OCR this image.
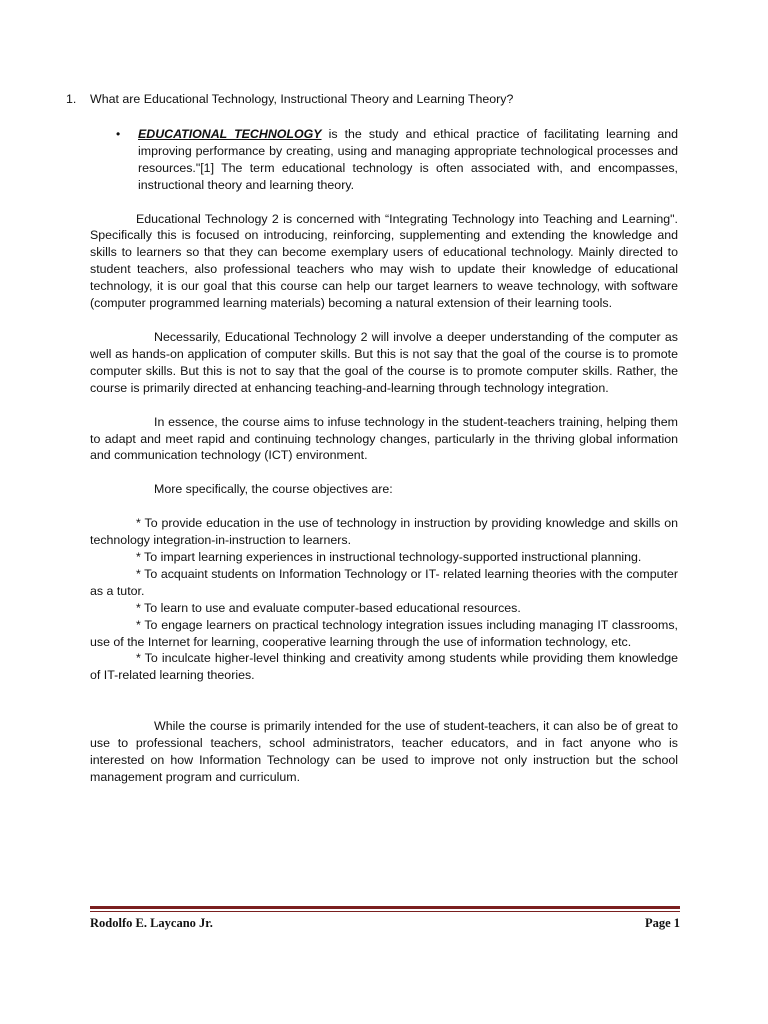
1.	What are Educational Technology, Instructional Theory and Learning Theory?
•	EDUCATIONAL TECHNOLOGY is the study and ethical practice of facilitating learning and improving performance by creating, using and managing appropriate technological processes and resources."[1] The term educational technology is often associated with, and encompasses, instructional theory and learning theory.

Educational Technology 2 is concerned with “Integrating Technology into Teaching and Learning". Specifically this is focused on introducing, reinforcing, supplementing and extending the knowledge and skills to learners so that they can become exemplary users of educational technology. Mainly directed to student teachers, also professional teachers who may wish to update their knowledge of educational technology, it is our goal that this course can help our target learners to weave technology, with software (computer programmed learning materials) becoming a natural extension of their learning tools.

Necessarily, Educational Technology 2 will involve a deeper understanding of the computer as well as hands-on application of computer skills. But this is not say that the goal of the course is to promote computer skills. But this is not to say that the goal of the course is to promote computer skills. Rather, the course is primarily directed at enhancing teaching-and-learning through technology integration.

In essence, the course aims to infuse technology in the student-teachers training, helping them to adapt and meet rapid and continuing technology changes, particularly in the thriving global information and communication technology (ICT) environment.

More specifically, the course objectives are:

* To provide education in the use of technology in instruction by providing knowledge and skills on technology integration-in-instruction to learners.
* To impart learning experiences in instructional technology-supported instructional planning.
* To acquaint students on Information Technology or IT- related learning theories with the computer as a tutor.
* To learn to use and evaluate computer-based educational resources.
* To engage learners on practical technology integration issues including managing IT classrooms, use of the Internet for learning, cooperative learning through the use of information technology, etc.
* To inculcate higher-level thinking and creativity among students while providing them knowledge of IT-related learning theories.

While the course is primarily intended for the use of student-teachers, it can also be of great to use to professional teachers, school administrators, teacher educators, and in fact anyone who is interested on how Information Technology can be used to improve not only instruction but the school management program and curriculum.

Rodolfo E. Laycano Jr.	Page 1
